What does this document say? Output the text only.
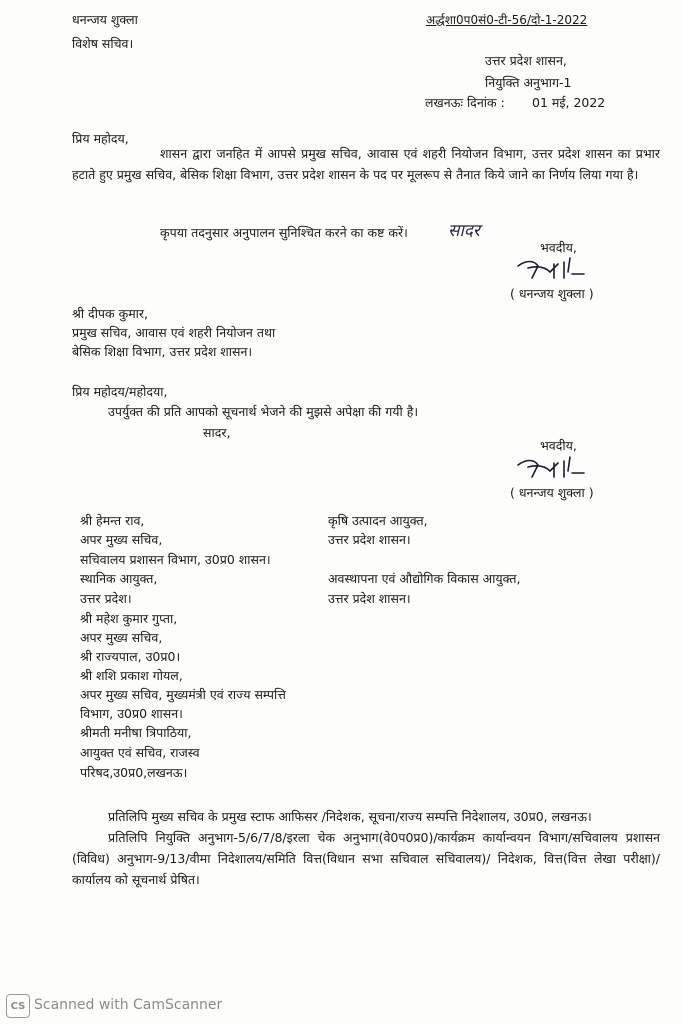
धनन्जय शुक्ला
विशेष सचिव।
अर्द्धशा0प0सं0-टी-56/दो-1-2022
उत्तर प्रदेश शासन,
नियुक्ति अनुभाग-1
लखनऊः दिनांक : 01 मई, 2022
प्रिय महोदय,
शासन द्वारा जनहित में आपसे प्रमुख सचिव, आवास एवं शहरी नियोजन विभाग, उत्तर प्रदेश शासन का प्रभार हटाते हुए प्रमुख सचिव, बेसिक शिक्षा विभाग, उत्तर प्रदेश शासन के पद पर मूलरूप से तैनात किये जाने का निर्णय लिया गया है।
कृपया तदनुसार अनुपालन सुनिश्चित करने का कष्ट करें। सादर
भवदीय,
( धनन्जय शुक्ला )
श्री दीपक कुमार,
प्रमुख सचिव, आवास एवं शहरी नियोजन तथा
बेसिक शिक्षा विभाग, उत्तर प्रदेश शासन।
प्रिय महोदय/महोदया,
उपर्युक्त की प्रति आपको सूचनार्थ भेजने की मुझसे अपेक्षा की गयी है।
सादर,
भवदीय,
( धनन्जय शुक्ला )
श्री हेमन्त राव,
अपर मुख्य सचिव,
सचिवालय प्रशासन विभाग, उ0प्र0 शासन।
स्थानिक आयुक्त,
उत्तर प्रदेश।
श्री महेश कुमार गुप्ता,
अपर मुख्य सचिव,
श्री राज्यपाल, उ0प्र0।
श्री शशि प्रकाश गोयल,
अपर मुख्य सचिव, मुख्यमंत्री एवं राज्य सम्पत्ति
विभाग, उ0प्र0 शासन।
श्रीमती मनीषा त्रिपाठिया,
आयुक्त एवं सचिव, राजस्व
परिषद,उ0प्र0,लखनऊ।
कृषि उत्पादन आयुक्त,
उत्तर प्रदेश शासन।
अवस्थापना एवं औद्योगिक विकास आयुक्त,
उत्तर प्रदेश शासन।
प्रतिलिपि मुख्य सचिव के प्रमुख स्टाफ आफिसर /निदेशक, सूचना/राज्य सम्पत्ति निदेशालय, उ0प्र0, लखनऊ।
प्रतिलिपि नियुक्ति अनुभाग-5/6/7/8/इरला चेक अनुभाग(वे0प0प्र0)/कार्यक्रम कार्यान्वयन विभाग/सचिवालय प्रशासन (विविध) अनुभाग-9/13/वीमा निदेशालय/समिति वित्त(विधान सभा सचिवाल सचिवालय)/ निदेशक, वित्त(वित्त लेखा परीक्षा)/कार्यालय को सूचनार्थ प्रेषित।
CS Scanned with CamScanner
